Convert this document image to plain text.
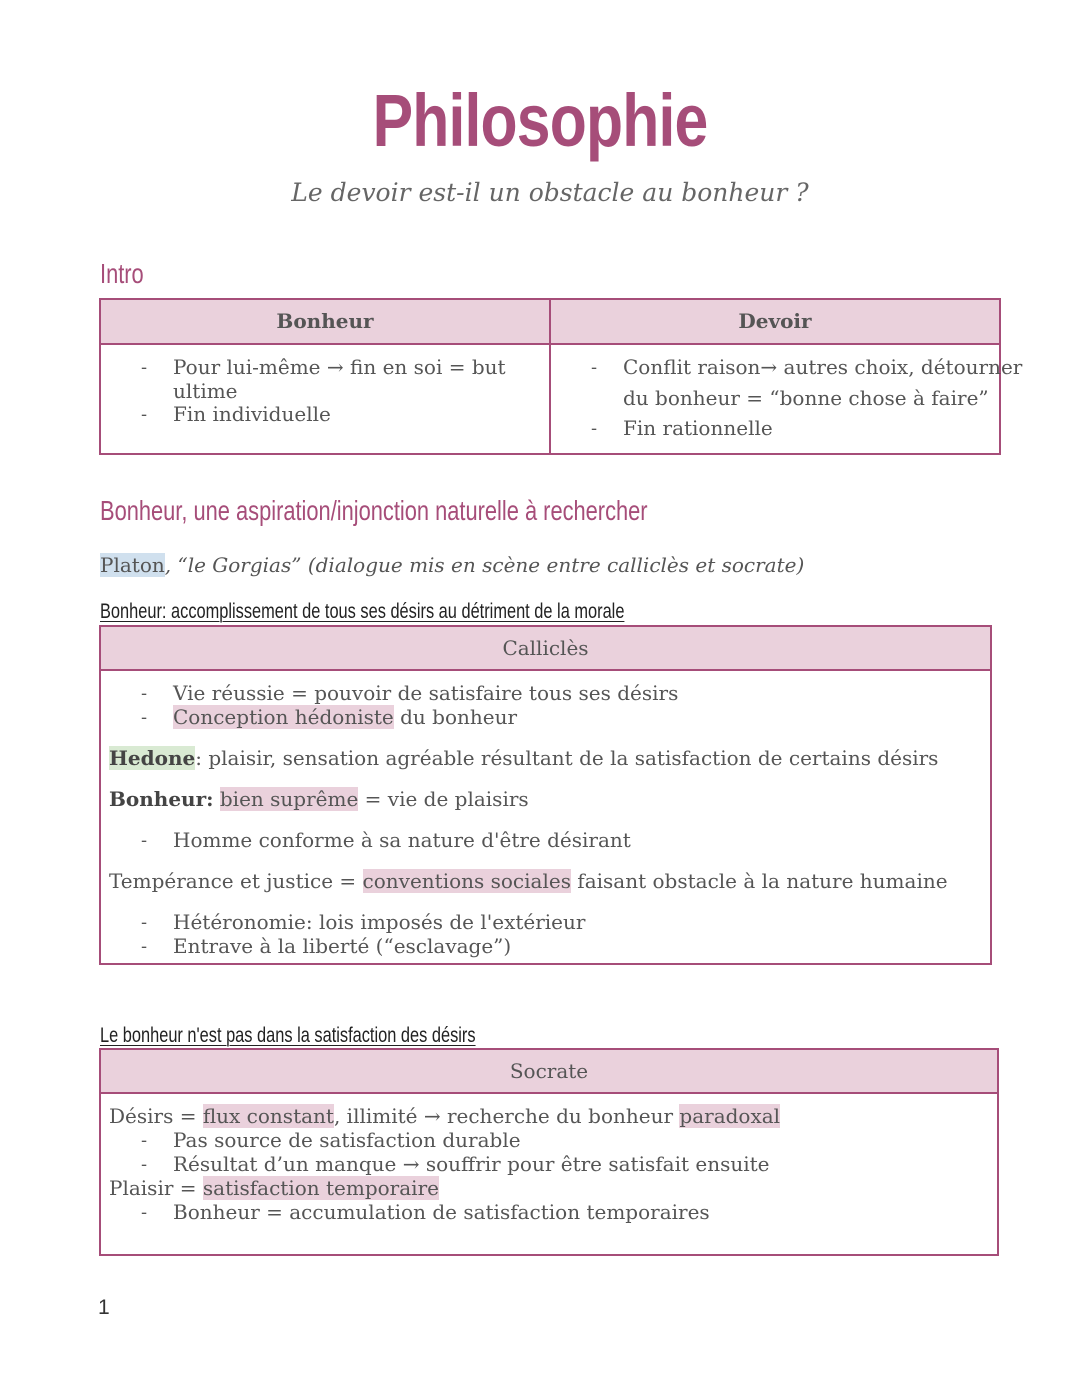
Philosophie
Le devoir est-il un obstacle au bonheur ?
Intro
Bonheur	Devoir
- Pour lui-même → fin en soi = but
ultime
- Fin individuelle
- Conflit raison→ autres choix, détourner
du bonheur = “bonne chose à faire”
- Fin rationnelle
Bonheur, une aspiration/injonction naturelle à rechercher
Platon, “le Gorgias” (dialogue mis en scène entre calliclès et socrate)
Bonheur: accomplissement de tous ses désirs au détriment de la morale
Calliclès
- Vie réussie = pouvoir de satisfaire tous ses désirs
- Conception hédoniste du bonheur
Hedone: plaisir, sensation agréable résultant de la satisfaction de certains désirs
Bonheur: bien suprême = vie de plaisirs
- Homme conforme à sa nature d'être désirant
Tempérance et justice = conventions sociales faisant obstacle à la nature humaine
- Hétéronomie: lois imposés de l'extérieur
- Entrave à la liberté (“esclavage”)
Le bonheur n'est pas dans la satisfaction des désirs
Socrate
Désirs = flux constant, illimité → recherche du bonheur paradoxal
- Pas source de satisfaction durable
- Résultat d’un manque → souffrir pour être satisfait ensuite
Plaisir = satisfaction temporaire
- Bonheur = accumulation de satisfaction temporaires
1
